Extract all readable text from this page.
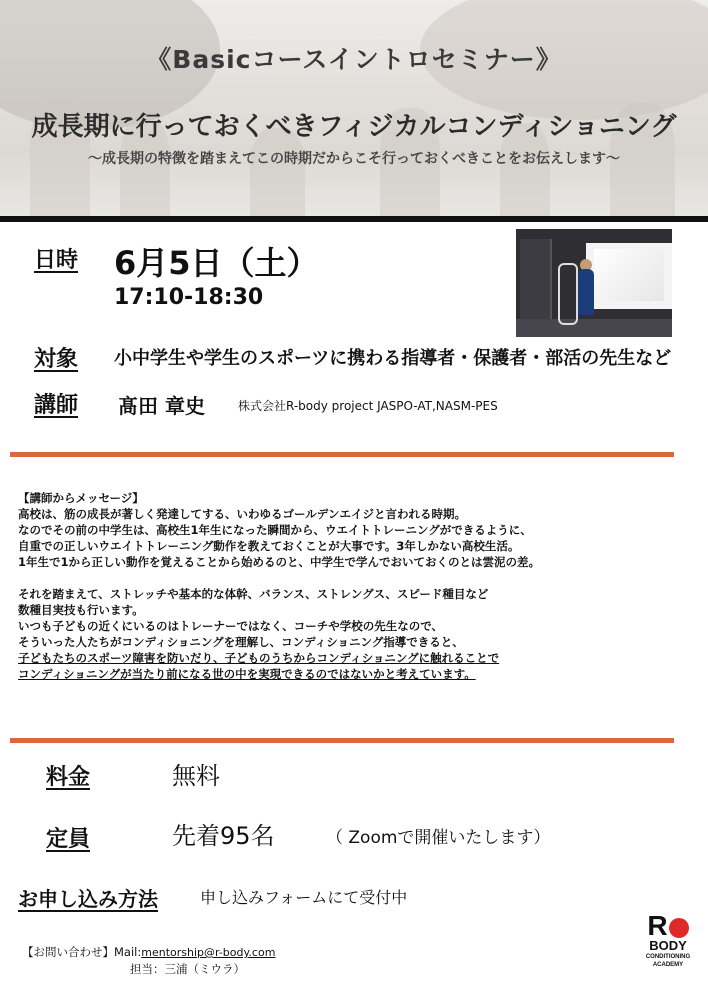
《Basicコースイントロセミナー》
成長期に行っておくべきフィジカルコンディショニング
〜成長期の特徴を踏まえてこの時期だからこそ行っておくべきことをお伝えします〜
日時 6月5日（土）
17:10-18:30
対象 小中学生や学生のスポーツに携わる指導者・保護者・部活の先生など
講師 髙田 章史	株式会社R-body project JASPO-AT,NASM-PES

【講師からメッセージ】

高校は、筋の成長が著しく発達してする、いわゆるゴールデンエイジと言われる時期。

なのでその前の中学生は、高校生1年生になった瞬間から、ウエイトトレーニングができるように、

自重での正しいウエイトトレーニング動作を教えておくことが大事です。3年しかない高校生活。

1年生で1から正しい動作を覚えることから始めるのと、中学生で学んでおいておくのとは雲泥の差。

それを踏まえて、ストレッチや基本的な体幹、バランス、ストレングス、スピード種目など

数種目実技も行います。

いつも子どもの近くにいるのはトレーナーではなく、コーチや学校の先生なので、

そういった人たちがコンディショニングを理解し、コンディショニング指導できると、

子どもたちのスポーツ障害を防いだり、子どものうちからコンディショニングに触れることで

コンディショニングが当たり前になる世の中を実現できるのではないかと考えています。

料金	無料
定員	先着95名	（ Zoomで開催いたします）
お申し込み方法	申し込みフォームにて受付中
【お問い合わせ】Mail:mentorship@r-body.com
担当：三浦（ミウラ）
R
BODY
CONDITIONING
ACADEMY
